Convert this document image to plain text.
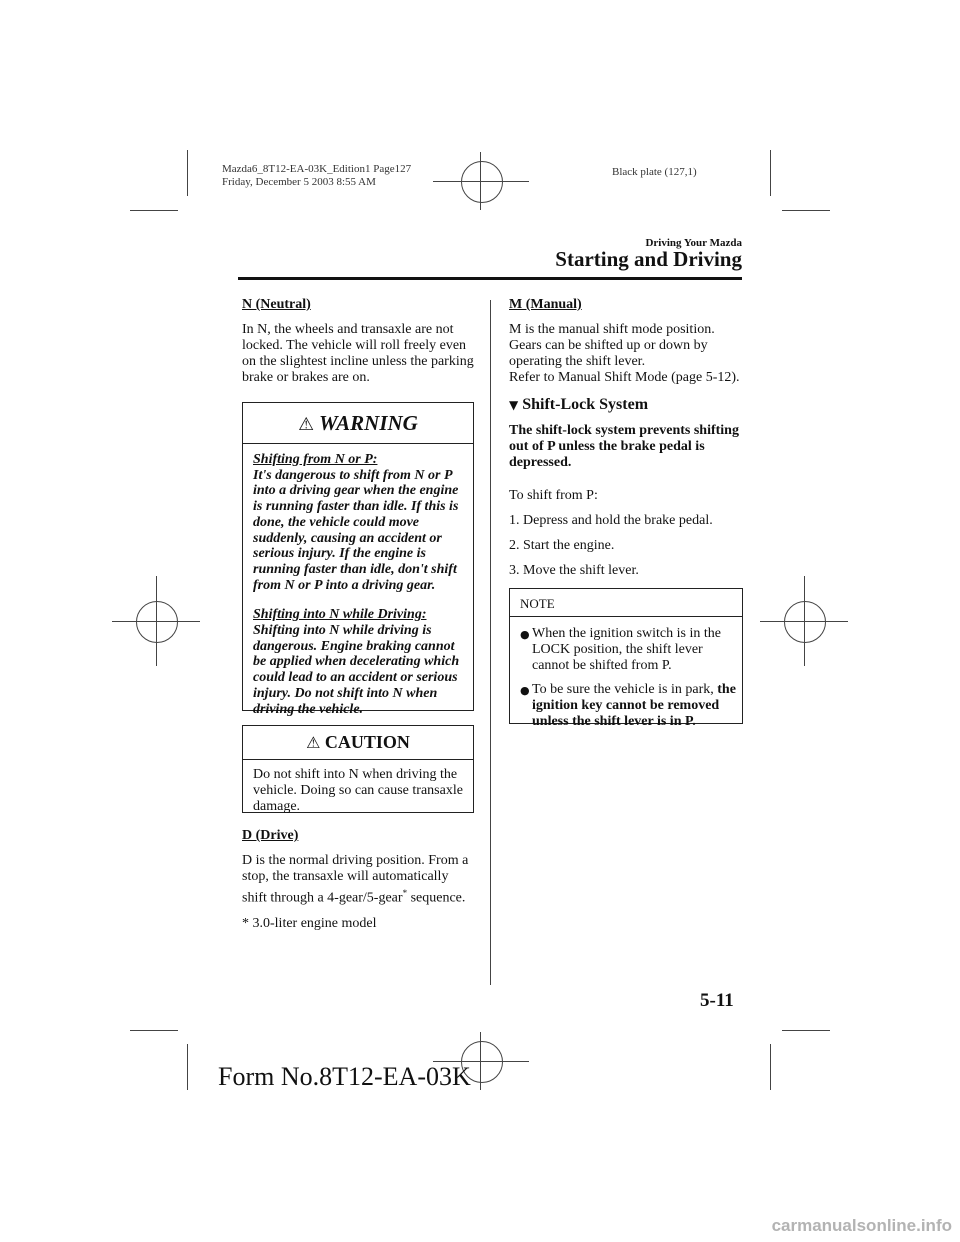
Mazda6_8T12-EA-03K_Edition1 Page127
Friday, December 5 2003 8:55 AM
Black plate (127,1)
Driving Your Mazda
Starting and Driving

N (Neutral)

In N, the wheels and transaxle are not locked. The vehicle will roll freely even on the slightest incline unless the parking brake or brakes are on.

⚠ WARNING
Shifting from N or P:
It's dangerous to shift from N or P into a driving gear when the engine is running faster than idle. If this is done, the vehicle could move suddenly, causing an accident or serious injury. If the engine is running faster than idle, don't shift from N or P into a driving gear.
Shifting into N while Driving:
Shifting into N while driving is dangerous. Engine braking cannot be applied when decelerating which could lead to an accident or serious injury. Do not shift into N when driving the vehicle.
⚠ CAUTION
Do not shift into N when driving the vehicle. Doing so can cause transaxle damage.

D (Drive)

D is the normal driving position. From a stop, the transaxle will automatically shift through a 4-gear/5-gear* sequence.

* 3.0-liter engine model

M (Manual)

M is the manual shift mode position. Gears can be shifted up or down by operating the shift lever.

Refer to Manual Shift Mode (page 5-12).

▼ Shift-Lock System

The shift-lock system prevents shifting out of P unless the brake pedal is depressed.

To shift from P:

1. Depress and hold the brake pedal.

2. Start the engine.

3. Move the shift lever.

NOTE
● When the ignition switch is in the LOCK position, the shift lever cannot be shifted from P.
● To be sure the vehicle is in park, the ignition key cannot be removed unless the shift lever is in P.
5-11
Form No.8T12-EA-03K
carmanualsonline.info
